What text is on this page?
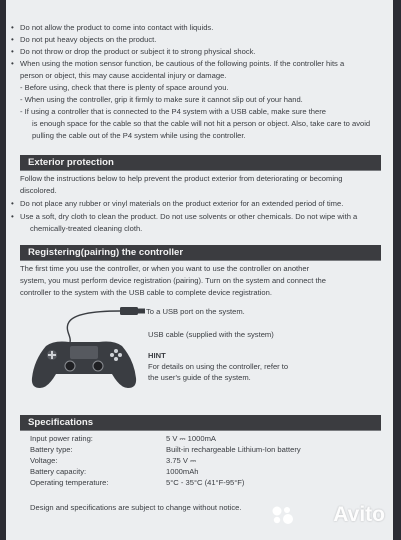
• Do not allow the product to come into contact with liquids.
• Do not put heavy objects on the product.
• Do not throw or drop the product or subject it to strong physical shock.
• When using the motion sensor function, be cautious of the following points. If the controller hits a
person or object, this may cause accidental injury or damage.
- Before using, check that there is plenty of space around you.
- When using the controller, grip it firmly to make sure it cannot slip out of your hand.
- If using a controller that is connected to the P4 system with a USB cable, make sure there
is enough space for the cable so that the cable will not hit a person or object. Also, take care to avoid
pulling the cable out of the P4 system while using the controller.
Exterior protection
Follow the instructions below to help prevent the product exterior from deteriorating or becoming
discolored.
• Do not place any rubber or vinyl materials on the product exterior for an extended period of time.
• Use a soft, dry cloth to clean the product. Do not use solvents or other chemicals. Do not wipe with a
chemically-treated cleaning cloth.
Registering(pairing) the controller
The first time you use the controller, or when you want to use the controller on another
system, you must perform device registration (pairing). Turn on the system and connect the
controller to the system with the USB cable to complete device registration.
➡ To a USB port on the system.
USB cable (supplied with the system)
HINT
For details on using the controller, refer to
the user's guide of the system.
Specifications
Input power rating:	5 V ⎓ 1000mA
Battery type:	Built-in rechargeable Lithium-Ion battery
Voltage:	3.75 V ⎓
Battery capacity:	1000mAh
Operating temperature:	5°C - 35°C (41°F-95°F)
Design and specifications are subject to change without notice.	Avito
